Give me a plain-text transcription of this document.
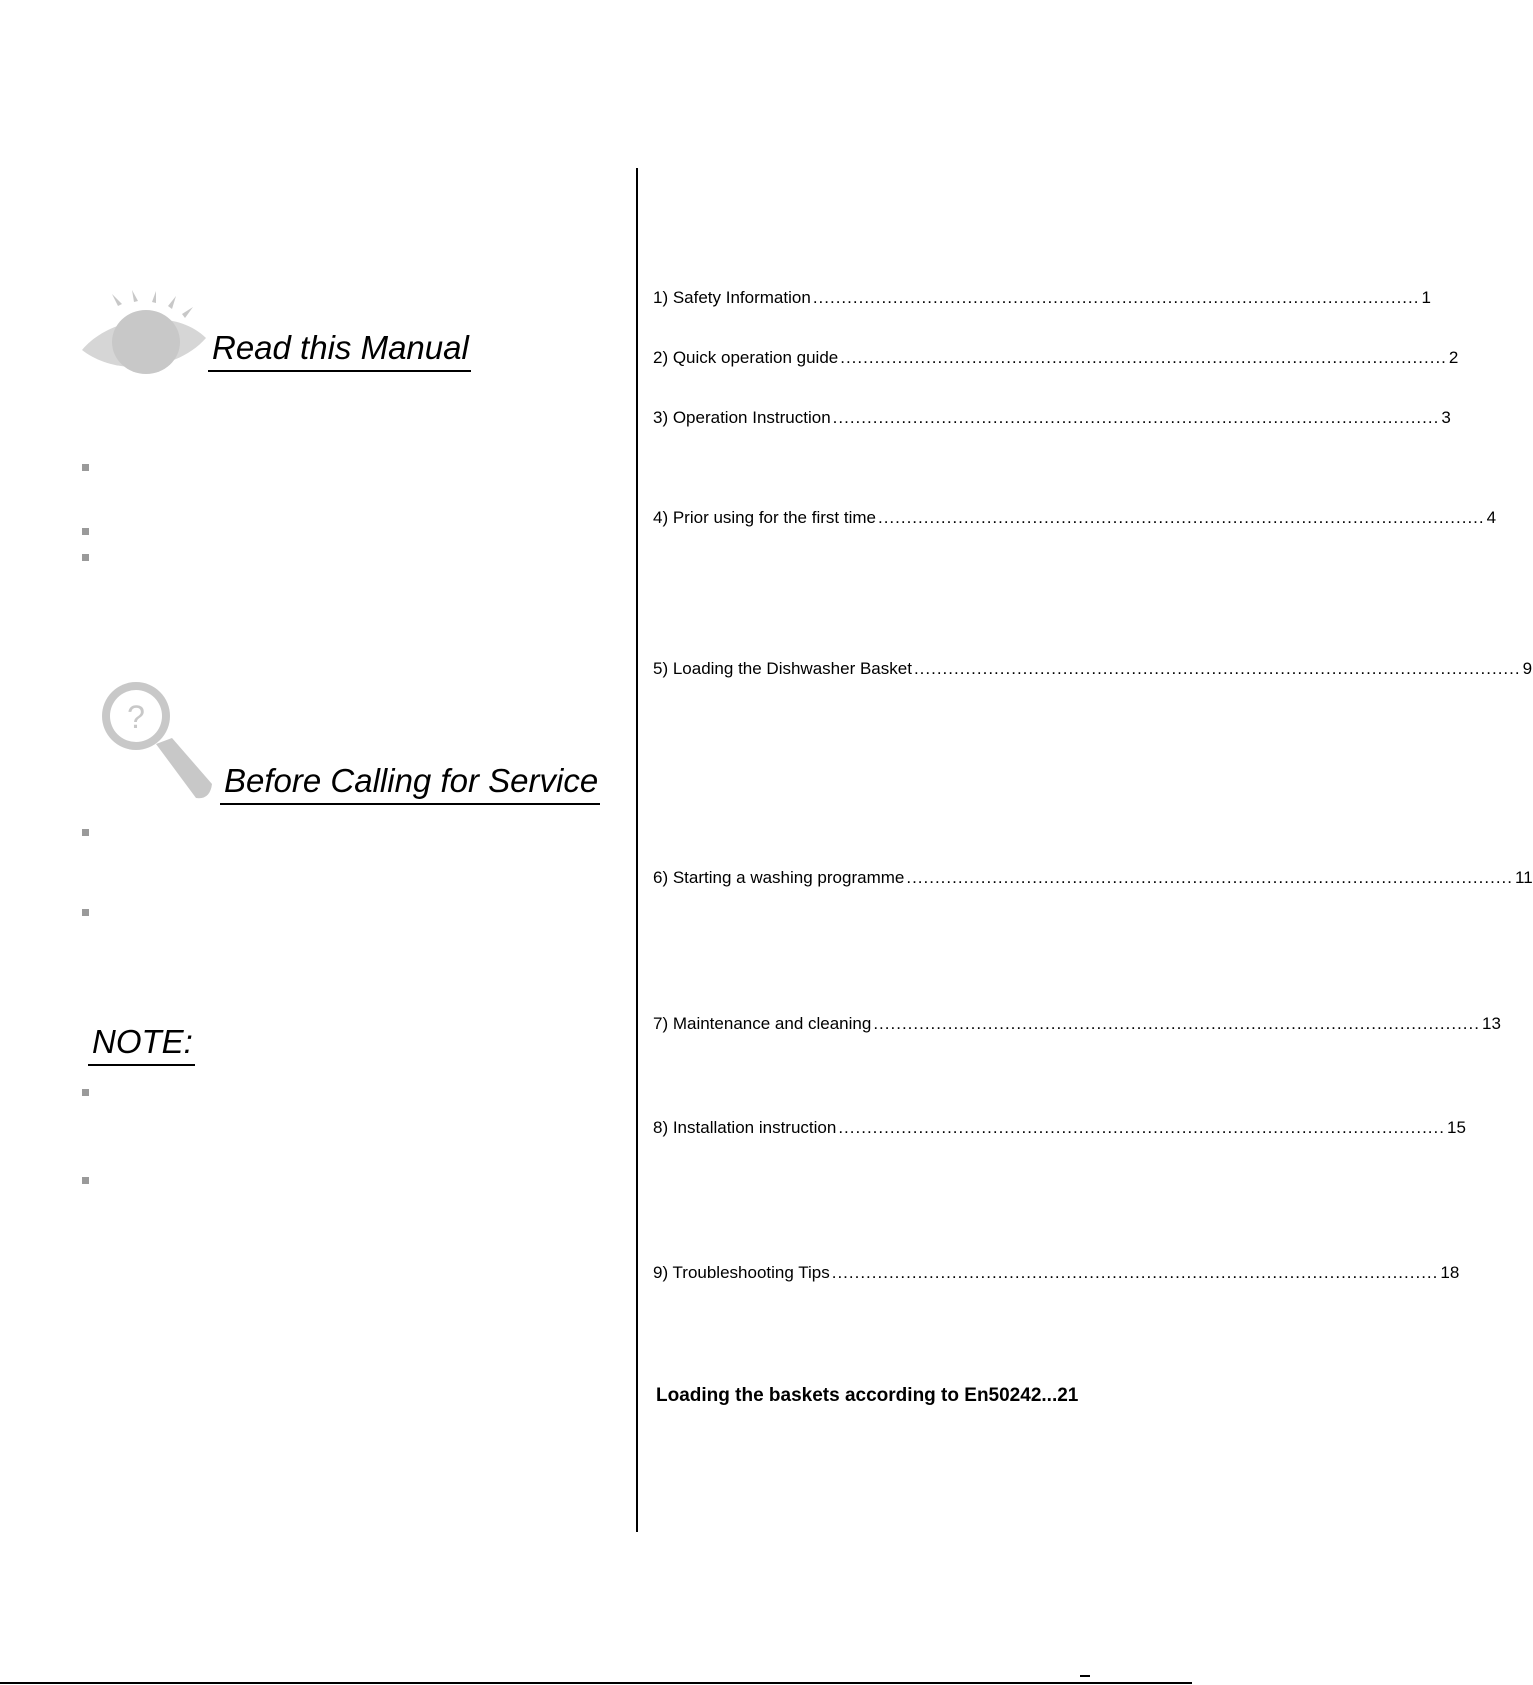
Read this Manual
?
Before Calling for Service
NOTE:
1) Safety Information .......................................................................................................... 1
2) Quick operation guide .......................................................................................................... 2
3) Operation Instruction .......................................................................................................... 3
4) Prior using for the first time .......................................................................................................... 4
5) Loading the Dishwasher Basket .......................................................................................................... 9
6) Starting a washing programme .......................................................................................................... 11
7) Maintenance and cleaning .......................................................................................................... 13
8) Installation instruction .......................................................................................................... 15
9) Troubleshooting Tips .......................................................................................................... 18
Loading the baskets according to En50242 ... 21
